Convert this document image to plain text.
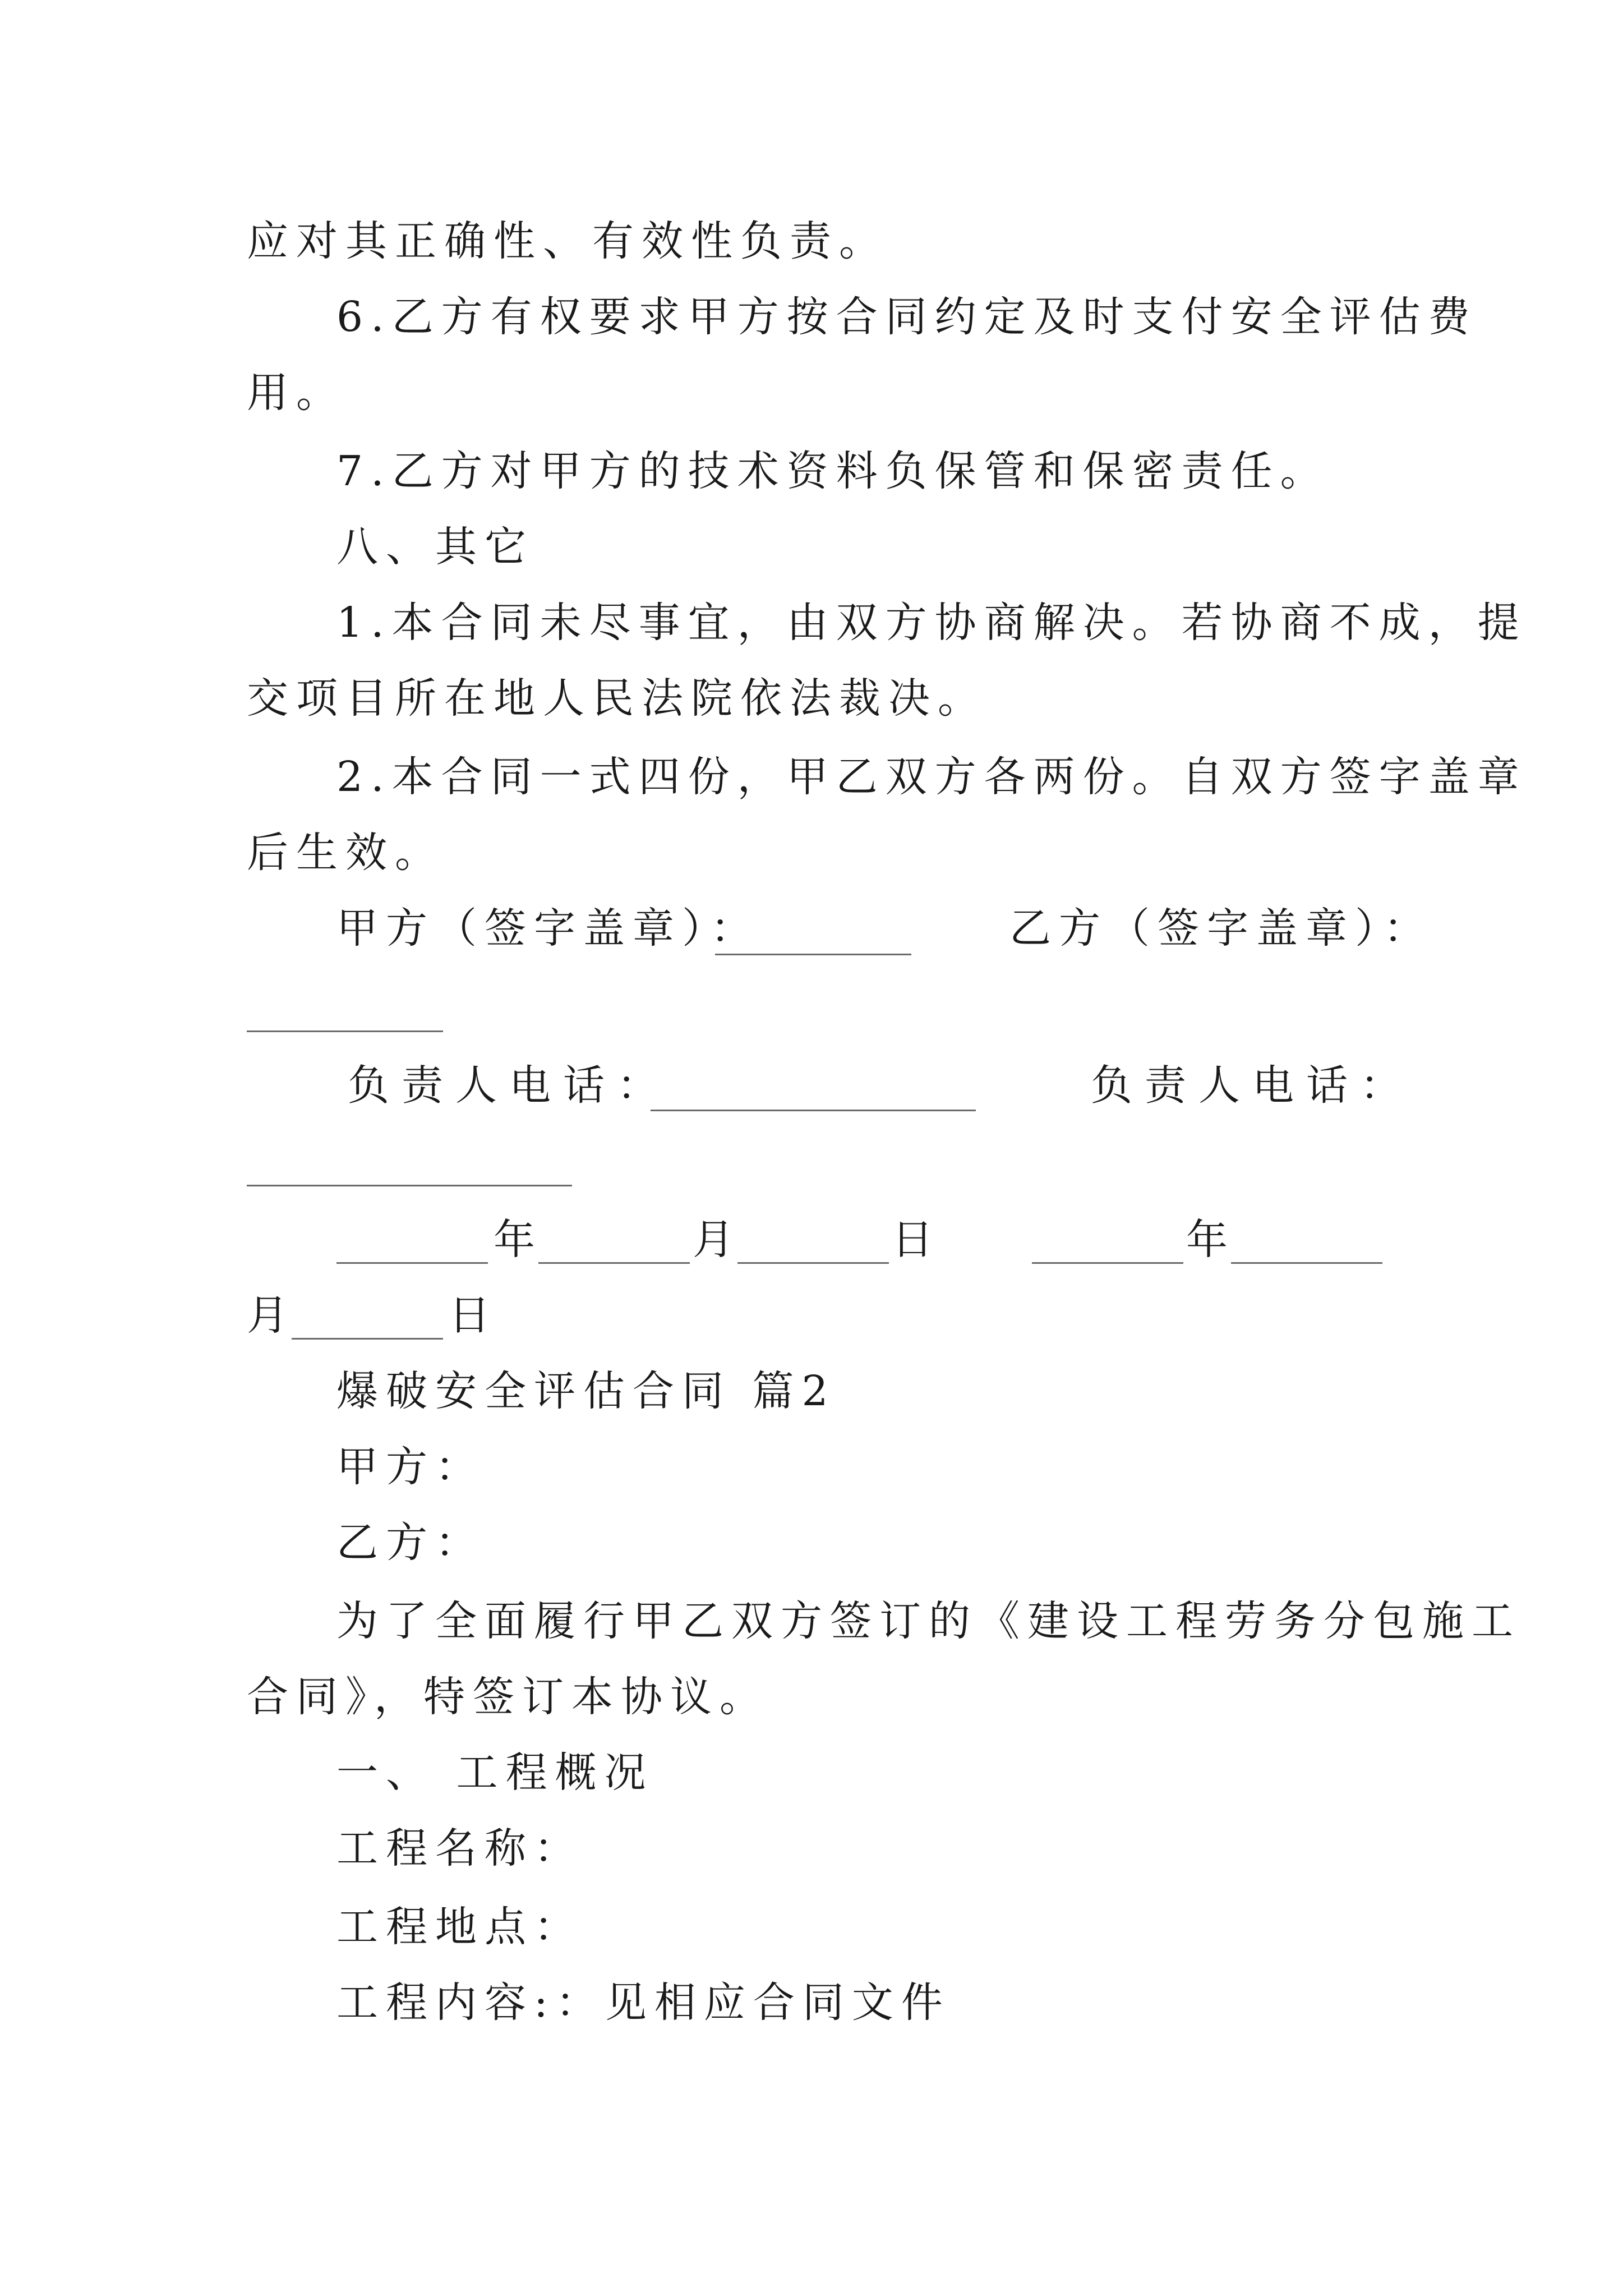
应对其正确性、有效性负责。
6.乙方有权要求甲方按合同约定及时支付安全评估费
用。
7.乙方对甲方的技术资料负保管和保密责任。
八、其它
1.本合同未尽事宜，由双方协商解决。若协商不成，提
交项目所在地人民法院依法裁决。
2.本合同一式四份，甲乙双方各两份。自双方签字盖章
后生效。
甲方（签字盖章）：	乙方（签字盖章）：
负责人电话：	负责人电话：
年	月	日	年
月	日
爆破安全评估合同 篇2
甲方：
乙方：
为了全面履行甲乙双方签订的《建设工程劳务分包施工
合同》，特签订本协议。
一、 工程概况
工程名称：
工程地点：
工程内容:：见相应合同文件
